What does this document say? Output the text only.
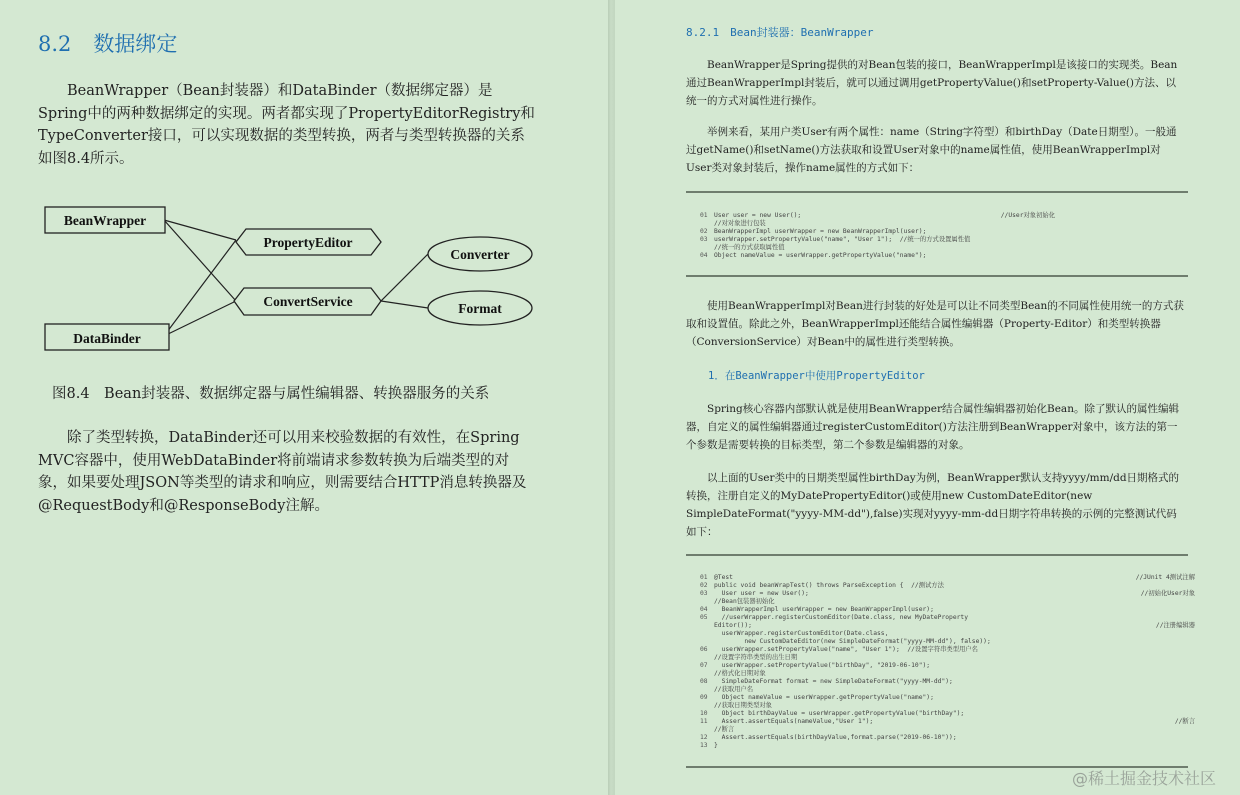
8.2 数据绑定

BeanWrapper（Bean封装器）和DataBinder（数据绑定器）是Spring中的两种数据绑定的实现。两者都实现了PropertyEditorRegistry和TypeConverter接口，可以实现数据的类型转换，两者与类型转换器的关系如图8.4所示。

BeanWrapper
DataBinder
PropertyEditor
ConvertService
Converter
Format
图8.4　Bean封装器、数据绑定器与属性编辑器、转换器服务的关系

除了类型转换，DataBinder还可以用来校验数据的有效性，在Spring MVC容器中，使用WebDataBinder将前端请求参数转换为后端类型的对象，如果要处理JSON等类型的请求和响应，则需要结合HTTP消息转换器及@RequestBody和@ResponseBody注解。

8.2.1　Bean封装器：BeanWrapper

BeanWrapper是Spring提供的对Bean包装的接口，BeanWrapperImpl是该接口的实现类。Bean通过BeanWrapperImpl封装后，就可以通过调用getPropertyValue()和setProperty-Value()方法、以统一的方式对属性进行操作。

举例来看，某用户类User有两个属性：name（String字符型）和birthDay（Date日期型）。一般通过getName()和setName()方法获取和设置User对象中的name属性值，使用BeanWrapperImpl对User类对象封装后，操作name属性的方式如下：

01 User user = new User();	//User对象初始化
//对对象进行包装
02 BeanWrapperImpl userWrapper = new BeanWrapperImpl(user);
03 userWrapper.setPropertyValue("name", "User 1");  //统一的方式设置属性值
//统一的方式获取属性值
04 Object nameValue = userWrapper.getPropertyValue("name");

使用BeanWrapperImpl对Bean进行封装的好处是可以让不同类型Bean的不同属性使用统一的方式获取和设置值。除此之外，BeanWrapperImpl还能结合属性编辑器（Property-Editor）和类型转换器（ConversionService）对Bean中的属性进行类型转换。

1．在BeanWrapper中使用PropertyEditor

Spring核心容器内部默认就是使用BeanWrapper结合属性编辑器初始化Bean。除了默认的属性编辑器，自定义的属性编辑器通过registerCustomEditor()方法注册到BeanWrapper对象中，该方法的第一个参数是需要转换的目标类型，第二个参数是编辑器的对象。

以上面的User类中的日期类型属性birthDay为例，BeanWrapper默认支持yyyy/mm/dd日期格式的转换，注册自定义的MyDatePropertyEditor()或使用new CustomDateEditor(new SimpleDateFormat("yyyy-MM-dd"),false)实现对yyyy-mm-dd日期字符串转换的示例的完整测试代码如下：

01 @Test	//JUnit 4测试注解
02 public void beanWrapTest() throws ParseException {  //测试方法
03  User user = new User();	//初始化User对象
//Bean包装器初始化
04  BeanWrapperImpl userWrapper = new BeanWrapperImpl(user);
05  //userWrapper.registerCustomEditor(Date.class, new MyDateProperty
Editor());	//注册编辑器
userWrapper.registerCustomEditor(Date.class,
new CustomDateEditor(new SimpleDateFormat("yyyy-MM-dd"), false));
06  userWrapper.setPropertyValue("name", "User 1");  //设置字符串类型用户名
//设置字符串类型的出生日期
07  userWrapper.setPropertyValue("birthDay", "2019-06-10");
//格式化日期对象
08  SimpleDateFormat format = new SimpleDateFormat("yyyy-MM-dd");
//获取用户名
09  Object nameValue = userWrapper.getPropertyValue("name");
//获取日期类型对象
10  Object birthDayValue = userWrapper.getPropertyValue("birthDay");
11  Assert.assertEquals(nameValue,"User 1");	//断言
//断言
12  Assert.assertEquals(birthDayValue,format.parse("2019-06-10"));
13 }
@稀土掘金技术社区
